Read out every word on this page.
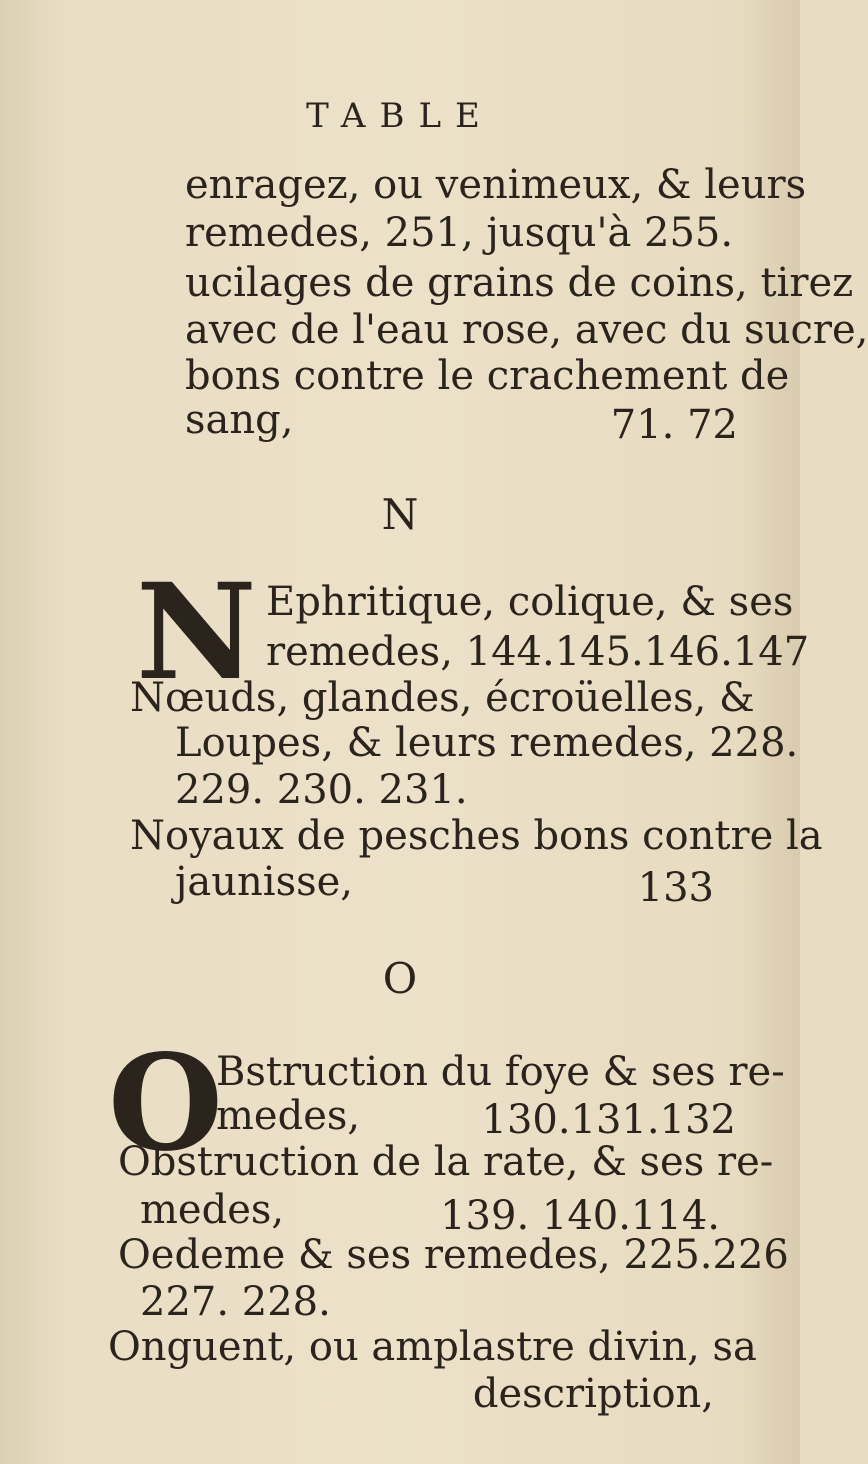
TABLE
enragez, ou venimeux, & leurs
remedes, 251, jusqu'à 255.
ucilages de grains de coins, tirez
avec de l'eau rose, avec du sucre,
bons contre le crachement de
sang,	71. 72
N
N Ephritique, colique, & ses
remedes, 144.145.146.147
Nœuds, glandes, écroüelles, &
Loupes, & leurs remedes, 228.
229. 230. 231.
Noyaux de pesches bons contre la
jaunisse,	133
O
O
Bstruction du foye & ses re-
medes,	130.131.132
Obstruction de la rate, & ses re-
medes,	139. 140.114.
Oedeme & ses remedes, 225.226
227. 228.
Onguent, ou amplastre divin, sa
description,
